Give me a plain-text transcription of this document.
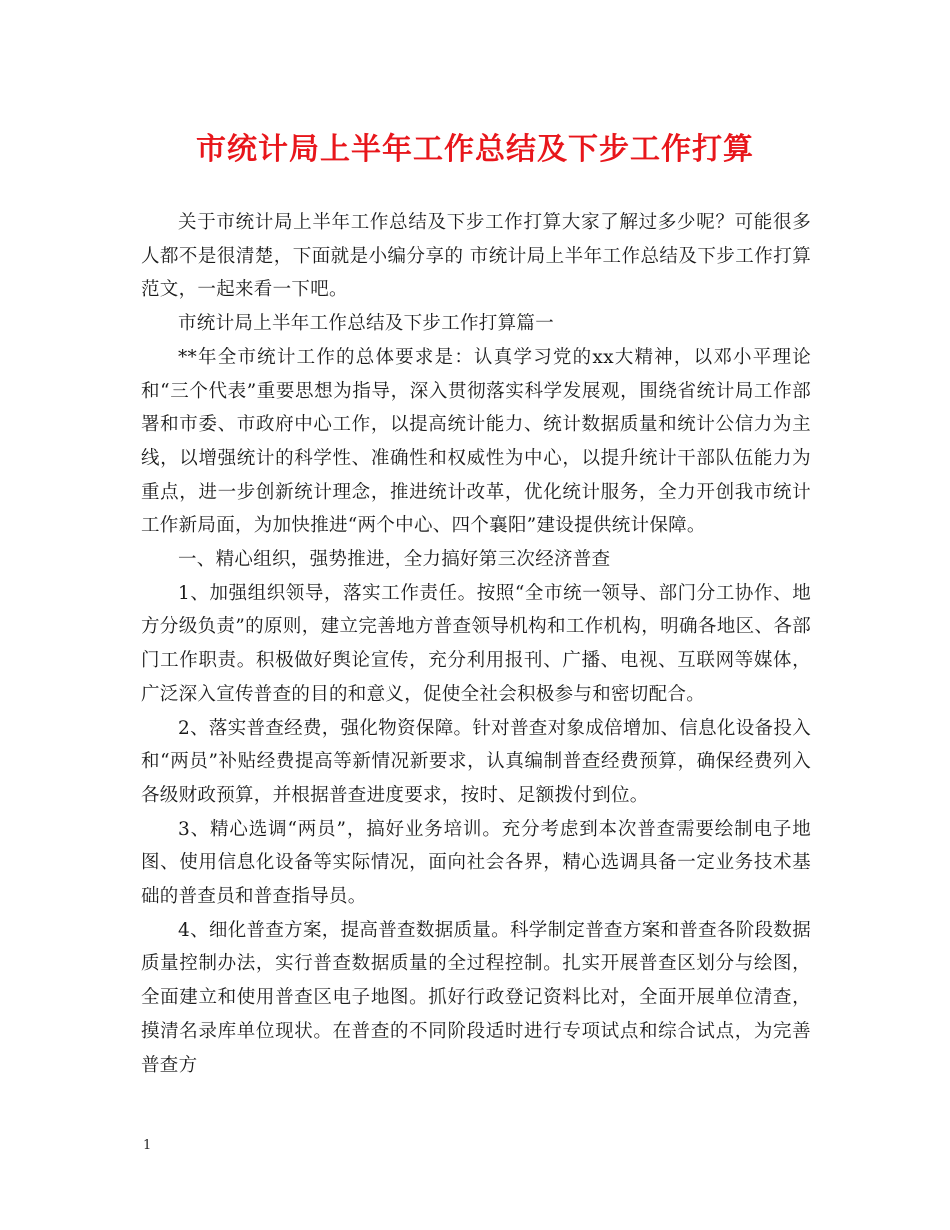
市统计局上半年工作总结及下步工作打算

关于市统计局上半年工作总结及下步工作打算大家了解过多少呢？可能很多人都不是很清楚，下面就是小编分享的 市统计局上半年工作总结及下步工作打算范文，一起来看一下吧。

市统计局上半年工作总结及下步工作打算篇一

**年全市统计工作的总体要求是：认真学习党的xx大精神，以邓小平理论和“三个代表”重要思想为指导，深入贯彻落实科学发展观，围绕省统计局工作部署和市委、市政府中心工作，以提高统计能力、统计数据质量和统计公信力为主线，以增强统计的科学性、准确性和权威性为中心，以提升统计干部队伍能力为重点，进一步创新统计理念，推进统计改革，优化统计服务，全力开创我市统计工作新局面，为加快推进“两个中心、四个襄阳”建设提供统计保障。

一、精心组织，强势推进，全力搞好第三次经济普查

1、加强组织领导，落实工作责任。按照“全市统一领导、部门分工协作、地方分级负责”的原则，建立完善地方普查领导机构和工作机构，明确各地区、各部门工作职责。积极做好舆论宣传，充分利用报刊、广播、电视、互联网等媒体，广泛深入宣传普查的目的和意义，促使全社会积极参与和密切配合。

2、落实普查经费，强化物资保障。针对普查对象成倍增加、信息化设备投入和“两员”补贴经费提高等新情况新要求，认真编制普查经费预算，确保经费列入各级财政预算，并根据普查进度要求，按时、足额拨付到位。

3、精心选调“两员”，搞好业务培训。充分考虑到本次普查需要绘制电子地图、使用信息化设备等实际情况，面向社会各界，精心选调具备一定业务技术基础的普查员和普查指导员。

4、细化普查方案，提高普查数据质量。科学制定普查方案和普查各阶段数据质量控制办法，实行普查数据质量的全过程控制。扎实开展普查区划分与绘图，全面建立和使用普查区电子地图。抓好行政登记资料比对，全面开展单位清查，摸清名录库单位现状。在普查的不同阶段适时进行专项试点和综合试点，为完善普查方

1
